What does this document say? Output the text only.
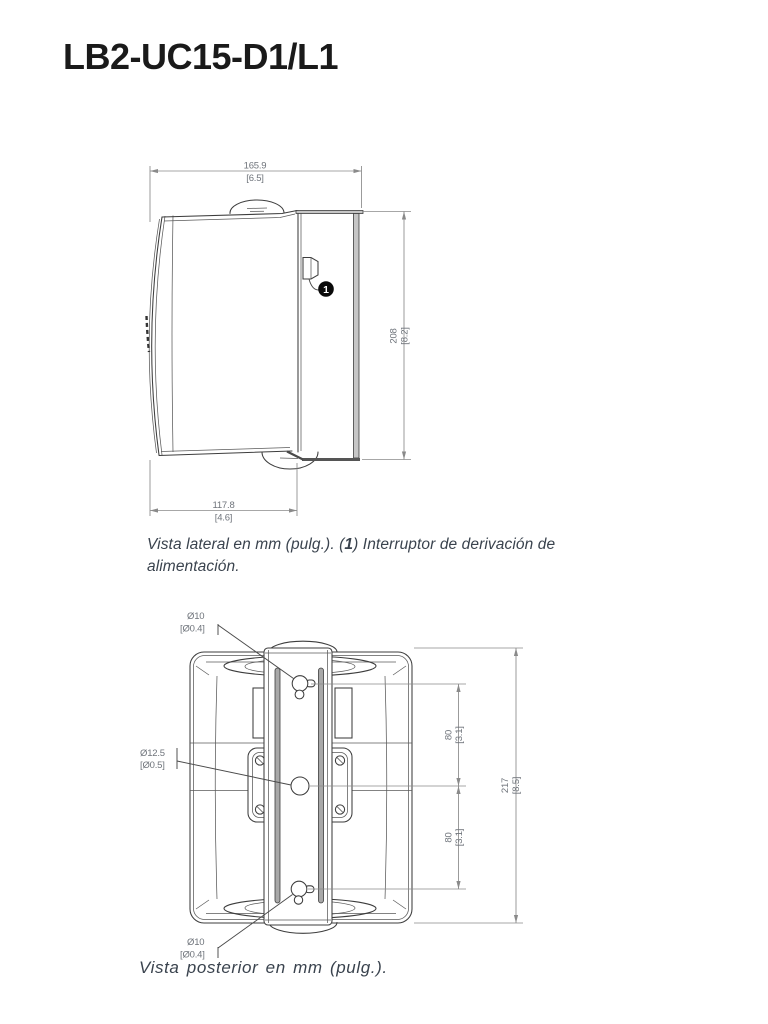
LB2-UC15-D1/L1
165.9
[6.5]
1
208 [8.2]
117.8
[4.6]
Vista lateral en mm (pulg.). (1) Interruptor de derivación de alimentación.
80 [3.1]
80 [3.1]
217 [8.5]
Ø10
[Ø0.4]
Ø12.5
[Ø0.5]
Ø10
[Ø0.4]
Vista posterior en mm (pulg.).
